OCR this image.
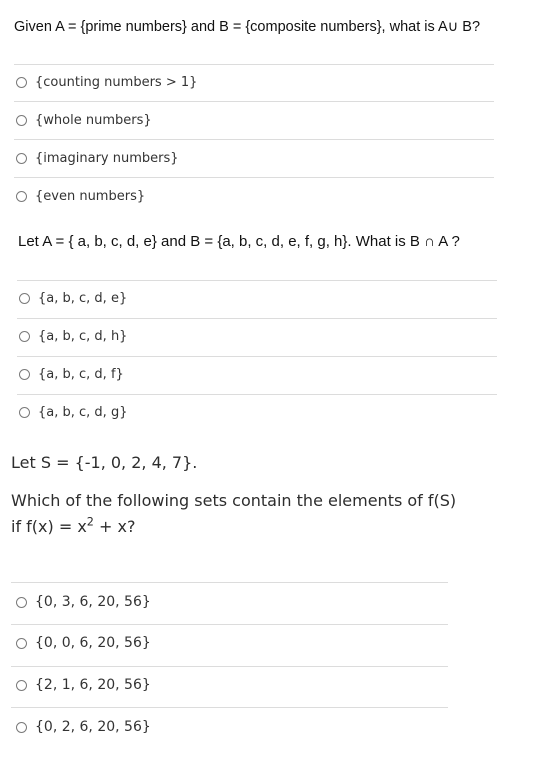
Given A = {prime numbers} and B = {composite numbers}, what is A∪ B?
{counting numbers > 1}
{whole numbers}
{imaginary numbers}
{even numbers}
Let A = { a, b, c, d, e} and B = {a, b, c, d, e, f, g, h}. What is B ∩ A ?
{a, b, c, d, e}
{a, b, c, d, h}
{a, b, c, d, f}
{a, b, c, d, g}
Let S = {-1, 0, 2, 4, 7}.
Which of the following sets contain the elements of f(S)
if $f(x) = x^2 + x$?
{0, 3, 6, 20, 56}
{0, 0, 6, 20, 56}
{2, 1, 6, 20, 56}
{0, 2, 6, 20, 56}
